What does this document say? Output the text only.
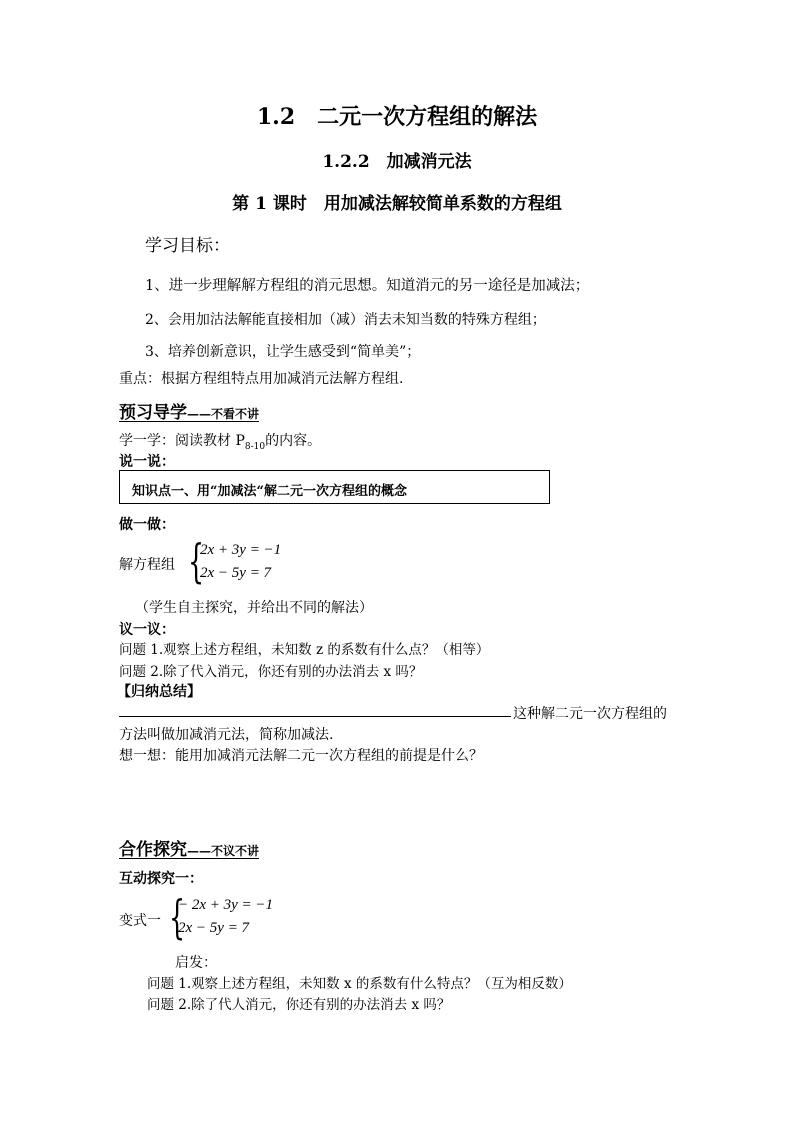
1.2　二元一次方程组的解法
1.2.2　加减消元法
第 1 课时　用加减法解较简单系数的方程组
学习目标：
1、进一步理解解方程组的消元思想。知道消元的另一途径是加减法；
2、会用加沽法解能直接相加（减）消去未知当数的特殊方程组；
3、培养创新意识，让学生感受到“简单美”；
重点：根据方程组特点用加减消元法解方程组.
预习导学——不看不讲
学一学：阅读教材 $P_{8-10}$的内容。
说一说：
知识点一、用“加减法“解二元一次方程组的概念
做一做：
解方程组 {
2x + 3y = −1
2x − 5y = 7
（学生自主探究，并给出不同的解法）
议一议：
问题 1.观察上述方程组，未知数 z 的系数有什么点？（相等）
问题 2.除了代入消元，你还有别的办法消去 x 吗？
【归纳总结】
这种解二元一次方程组的
方法叫做加减消元法，简称加减法.
想一想：能用加减消元法解二元一次方程组的前提是什么？
合作探究——不议不讲
互动探究一：
变式一 {
− 2x + 3y = −1
2x − 5y = 7
启发：
问题 1.观察上述方程组，未知数 x 的系数有什么特点？（互为相反数）
问题 2.除了代人消元，你还有别的办法消去 x 吗？
